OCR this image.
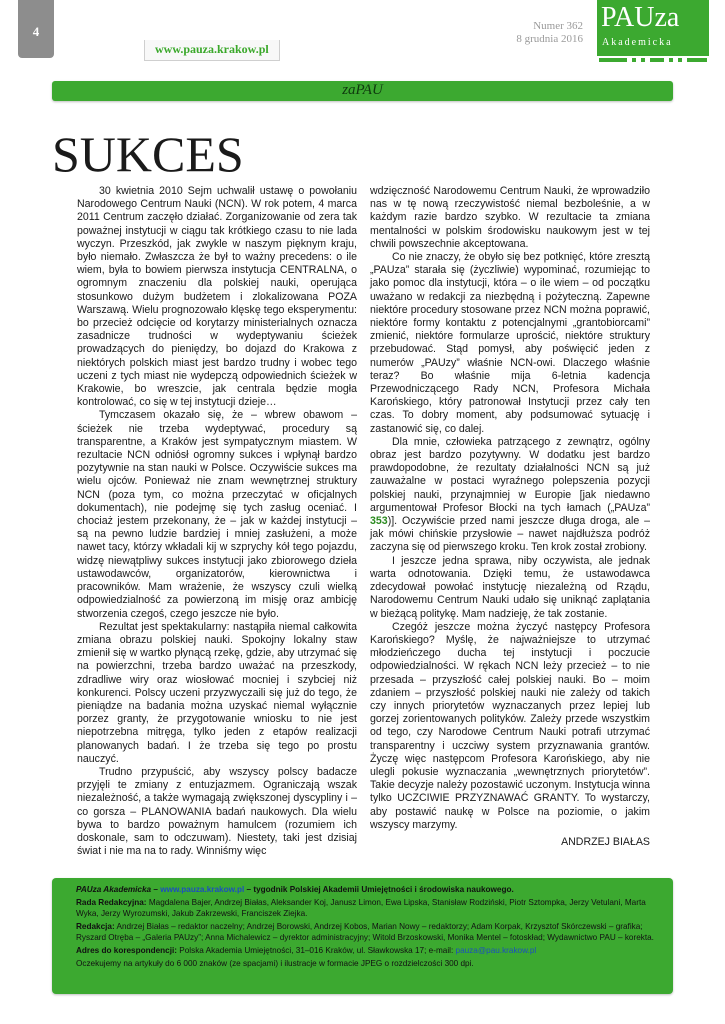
4
www.pauza.krakow.pl
Numer 362
8 grudnia 2016
PAUza
Akademicka
zaPAU
SUKCES

30 kwietnia 2010 Sejm uchwalił ustawę o powołaniu Narodowego Centrum Nauki (NCN). W rok potem, 4 marca 2011 Centrum zaczęło działać. Zorganizowanie od zera tak poważnej instytucji w ciągu tak krótkiego czasu to nie lada wyczyn. Przeszkód, jak zwykle w naszym pięknym kraju, było niemało. Zwłaszcza że był to ważny precedens: o ile wiem, była to bowiem pierwsza instytucja CENTRALNA, o ogromnym znaczeniu dla polskiej nauki, operująca stosunkowo dużym budżetem i zlokalizowana POZA Warszawą. Wielu prognozowało klęskę tego eksperymentu: bo przecież odcięcie od korytarzy ministerialnych oznacza zasadnicze trudności w wydeptywaniu ścieżek prowadzących do pieniędzy, bo dojazd do Krakowa z niektórych polskich miast jest bardzo trudny i wobec tego uczeni z tych miast nie wydepczą odpowiednich ścieżek w Krakowie, bo wreszcie, jak centrala będzie mogła kontrolować, co się w tej instytucji dzieje…

Tymczasem okazało się, że – wbrew obawom – ścieżek nie trzeba wydeptywać, procedury są transparentne, a Kraków jest sympatycznym miastem. W rezultacie NCN odniósł ogromny sukces i wpłynął bardzo pozytywnie na stan nauki w Polsce. Oczywiście sukces ma wielu ojców. Ponieważ nie znam wewnętrznej struktury NCN (poza tym, co można przeczytać w oficjalnych dokumentach), nie podejmę się tych zasług oceniać. I chociaż jestem przekonany, że – jak w każdej instytucji – są na pewno ludzie bardziej i mniej zasłużeni, a może nawet tacy, którzy wkładali kij w szprychy kół tego pojazdu, widzę niewątpliwy sukces instytucji jako zbiorowego dzieła ustawodawców, organizatorów, kierownictwa i pracowników. Mam wrażenie, że wszyscy czuli wielką odpowiedzialność za powierzoną im misję oraz ambicję stworzenia czegoś, czego jeszcze nie było.

Rezultat jest spektakularny: nastąpiła niemal całkowita zmiana obrazu polskiej nauki. Spokojny lokalny staw zmienił się w wartko płynącą rzekę, gdzie, aby utrzymać się na powierzchni, trzeba bardzo uważać na przeszkody, zdradliwe wiry oraz wiosłować mocniej i szybciej niż konkurenci. Polscy uczeni przyzwyczaili się już do tego, że pieniądze na badania można uzyskać niemal wyłącznie porzez granty, że przygotowanie wniosku to nie jest niepotrzebna mitręga, tylko jeden z etapów realizacji planowanych badań. I że trzeba się tego po prostu nauczyć.

Trudno przypuścić, aby wszyscy polscy badacze przyjęli te zmiany z entuzjazmem. Ograniczają wszak niezależność, a także wymagają zwiększonej dyscypliny i – co gorsza – PLANOWANIA badań naukowych. Dla wielu bywa to bardzo poważnym hamulcem (rozumiem ich doskonale, sam to odczuwam). Niestety, taki jest dzisiaj świat i nie ma na to rady. Winniśmy więc

wdzięczność Narodowemu Centrum Nauki, że wprowadziło nas w tę nową rzeczywistość niemal bezboleśnie, a w każdym razie bardzo szybko. W rezultacie ta zmiana mentalności w polskim środowisku naukowym jest w tej chwili powszechnie akceptowana.

Co nie znaczy, że obyło się bez potknięć, które zresztą „PAUza” starała się (życzliwie) wypominać, rozumiejąc to jako pomoc dla instytucji, która – o ile wiem – od początku uważano w redakcji za niezbędną i pożyteczną. Zapewne niektóre procedury stosowane przez NCN można poprawić, niektóre formy kontaktu z potencjalnymi „grantobiorcami” zmienić, niektóre formularze uprościć, niektóre struktury przebudować. Stąd pomysł, aby poświęcić jeden z numerów „PAUzy” właśnie NCN-owi. Dlaczego właśnie teraz? Bo właśnie mija 6-letnia kadencja Przewodniczącego Rady NCN, Profesora Michała Karońskiego, który patronował Instytucji przez cały ten czas. To dobry moment, aby podsumować sytuację i zastanowić się, co dalej.

Dla mnie, człowieka patrzącego z zewnątrz, ogólny obraz jest bardzo pozytywny. W dodatku jest bardzo prawdopodobne, że rezultaty działalności NCN są już zauważalne w postaci wyraźnego polepszenia pozycji polskiej nauki, przynajmniej w Europie [jak niedawno argumentował Profesor Błocki na tych łamach („PAUza” 353)]. Oczywiście przed nami jeszcze długa droga, ale – jak mówi chińskie przysłowie – nawet najdłuższa podróż zaczyna się od pierwszego kroku. Ten krok został zrobiony.

I jeszcze jedna sprawa, niby oczywista, ale jednak warta odnotowania. Dzięki temu, że ustawodawca zdecydował powołać instytucję niezależną od Rządu, Narodowemu Centrum Nauki udało się uniknąć zaplątania w bieżącą politykę. Mam nadzieję, że tak zostanie.

Czegóż jeszcze można życzyć następcy Profesora Karońskiego? Myślę, że najważniejsze to utrzymać młodzieńczego ducha tej instytucji i poczucie odpowiedzialności. W rękach NCN leży przecież – to nie przesada – przyszłość całej polskiej nauki. Bo – moim zdaniem – przyszłość polskiej nauki nie zależy od takich czy innych priorytetów wyznaczanych przez lepiej lub gorzej zorientowanych polityków. Zależy przede wszystkim od tego, czy Narodowe Centrum Nauki potrafi utrzymać transparentny i uczciwy system przyznawania grantów. Życzę więc następcom Profesora Karońskiego, aby nie ulegli pokusie wyznaczania „wewnętrznych priorytetów”. Takie decyzje należy pozostawić uczonym. Instytucja winna tylko UCZCIWIE PRZYZNAWAĆ GRANTY. To wystarczy, aby postawić naukę w Polsce na poziomie, o jakim wszyscy marzymy.

ANDRZEJ BIAŁAS

PAUza Akademicka – www.pauza.krakow.pl – tygodnik Polskiej Akademii Umiejętności i środowiska naukowego.
Rada Redakcyjna: Magdalena Bajer, Andrzej Białas, Aleksander Koj, Janusz Limon, Ewa Lipska, Stanisław Rodziński, Piotr Sztompka, Jerzy Vetulani, Marta Wyka, Jerzy Wyrozumski, Jakub Zakrzewski, Franciszek Ziejka.
Redakcja: Andrzej Białas – redaktor naczelny; Andrzej Borowski, Andrzej Kobos, Marian Nowy – redaktorzy; Adam Korpak, Krzysztof Skórczewski – grafika; Ryszard Otręba – „Galeria PAUzy”; Anna Michalewicz – dyrektor administracyjny; Witold Brzoskowski, Monika Mentel – fotoskład; Wydawnictwo PAU – korekta.
Adres do korespondencji: Polska Akademia Umiejętności, 31–016 Kraków, ul. Sławkowska 17; e-mail: pauza@pau.krakow.pl
Oczekujemy na artykuły do 6 000 znaków (ze spacjami) i ilustracje w formacie JPEG o rozdzielczości 300 dpi.
